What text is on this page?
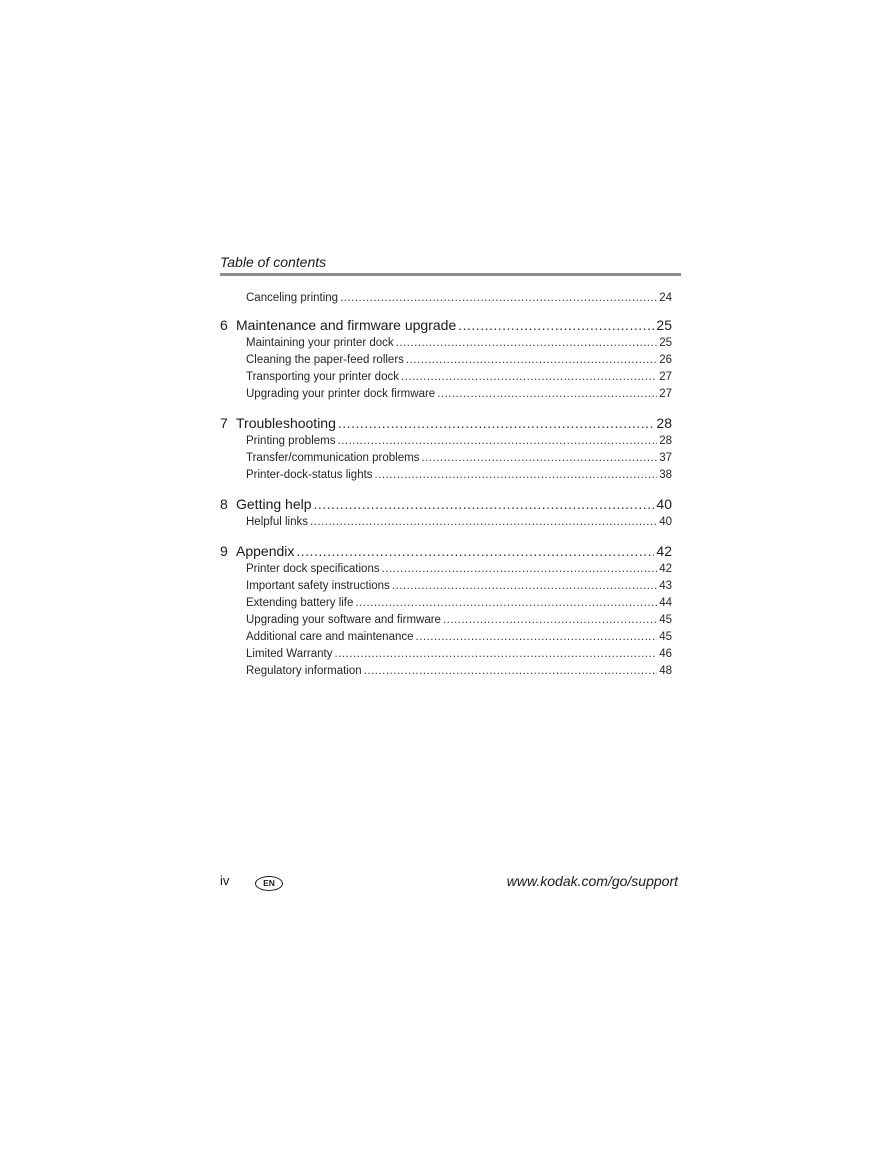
Table of contents
Canceling printing .....	24
6 Maintenance and firmware upgrade .....	25
Maintaining your printer dock .....	25
Cleaning the paper-feed rollers .....	26
Transporting your printer dock .....	27
Upgrading your printer dock firmware .....	27
7 Troubleshooting .....	28
Printing problems .....	28
Transfer/communication problems .....	37
Printer-dock-status lights .....	38
8 Getting help .....	40
Helpful links .....	40
9 Appendix .....	42
Printer dock specifications .....	42
Important safety instructions .....	43
Extending battery life .....	44
Upgrading your software and firmware .....	45
Additional care and maintenance .....	45
Limited Warranty .....	46
Regulatory information .....	48
iv	EN	www.kodak.com/go/support
